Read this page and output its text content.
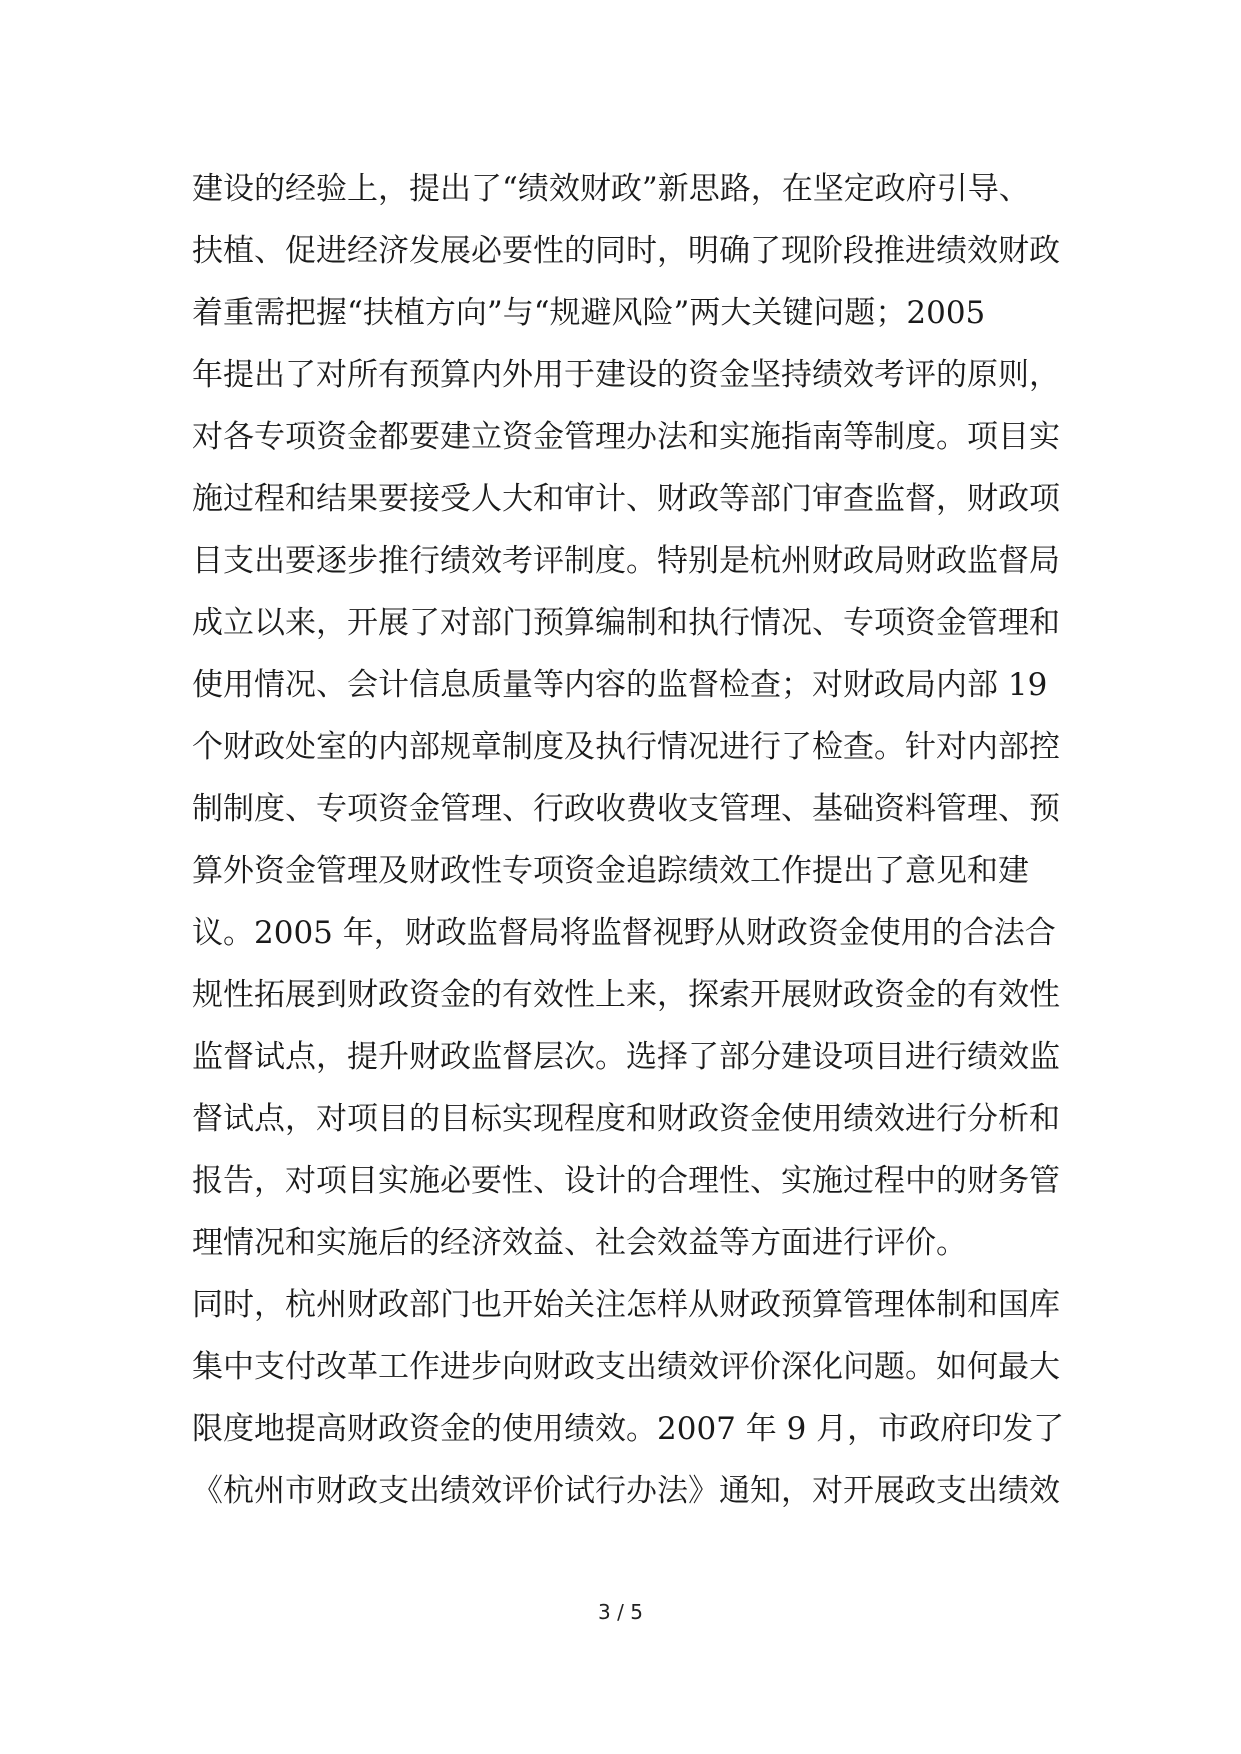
建设的经验上，提出了“绩效财政”新思路，在坚定政府引导、
扶植、促进经济发展必要性的同时，明确了现阶段推进绩效财政
着重需把握“扶植方向”与“规避风险”两大关键问题；2005
年提出了对所有预算内外用于建设的资金坚持绩效考评的原则，
对各专项资金都要建立资金管理办法和实施指南等制度。项目实
施过程和结果要接受人大和审计、财政等部门审查监督，财政项
目支出要逐步推行绩效考评制度。特别是杭州财政局财政监督局
成立以来，开展了对部门预算编制和执行情况、专项资金管理和
使用情况、会计信息质量等内容的监督检查；对财政局内部 19
个财政处室的内部规章制度及执行情况进行了检查。针对内部控
制制度、专项资金管理、行政收费收支管理、基础资料管理、预
算外资金管理及财政性专项资金追踪绩效工作提出了意见和建
议。2005 年，财政监督局将监督视野从财政资金使用的合法合
规性拓展到财政资金的有效性上来，探索开展财政资金的有效性
监督试点，提升财政监督层次。选择了部分建设项目进行绩效监
督试点，对项目的目标实现程度和财政资金使用绩效进行分析和
报告，对项目实施必要性、设计的合理性、实施过程中的财务管
理情况和实施后的经济效益、社会效益等方面进行评价。
同时，杭州财政部门也开始关注怎样从财政预算管理体制和国库
集中支付改革工作进步向财政支出绩效评价深化问题。如何最大
限度地提高财政资金的使用绩效。2007 年 9 月，市政府印发了
《杭州市财政支出绩效评价试行办法》通知，对开展政支出绩效
3 / 5
